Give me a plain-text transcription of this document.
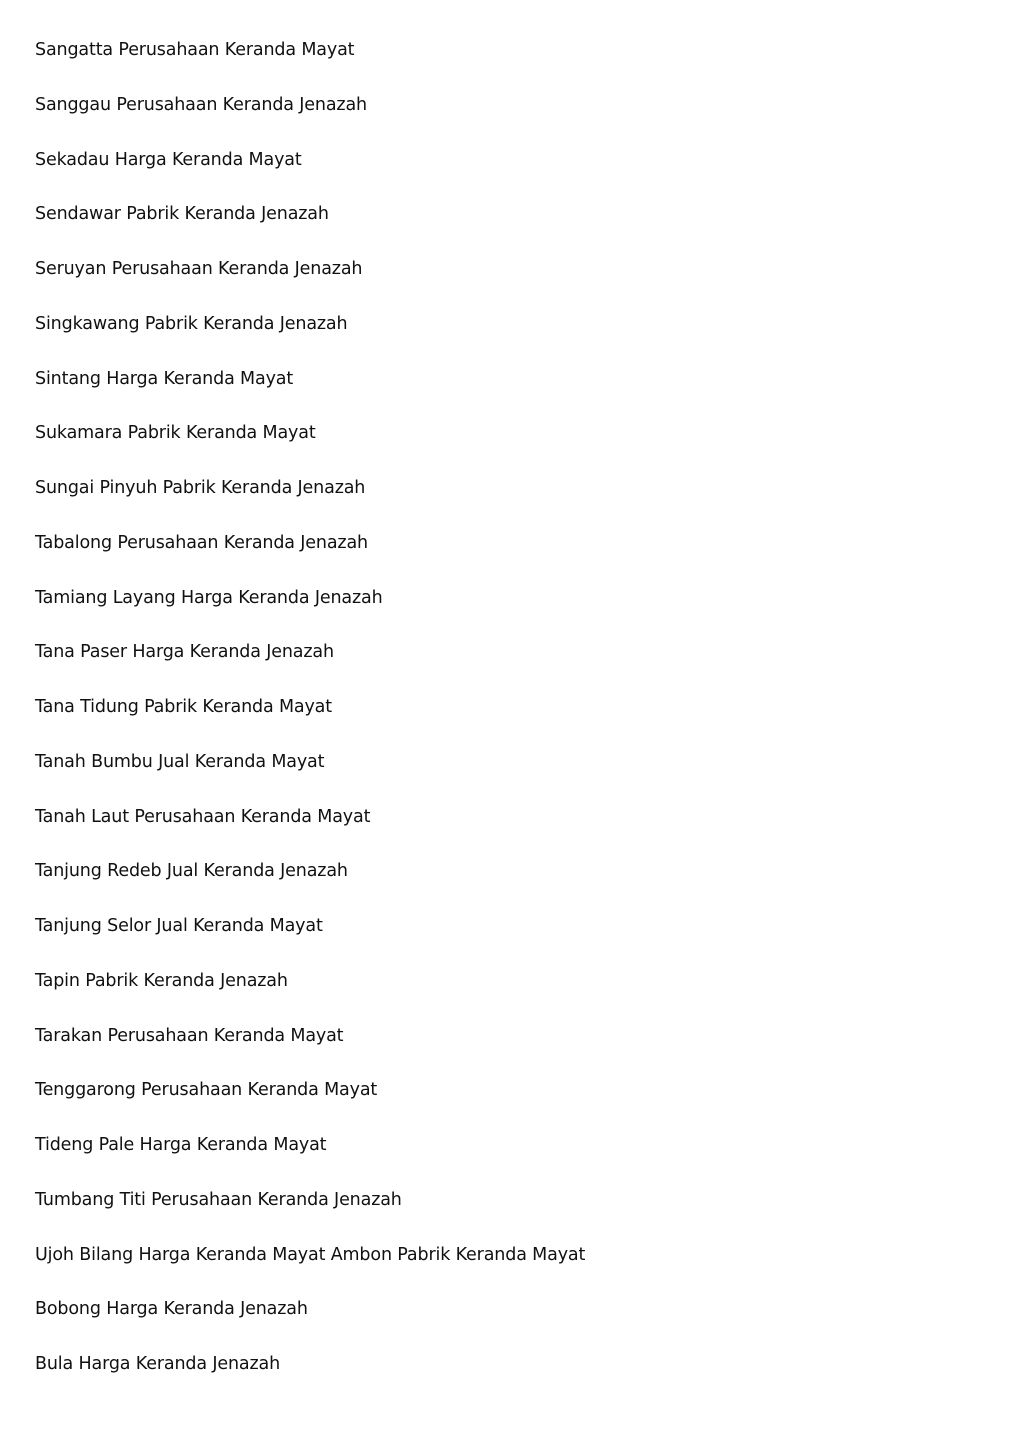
Sangatta Perusahaan Keranda Mayat
Sanggau Perusahaan Keranda Jenazah
Sekadau Harga Keranda Mayat
Sendawar Pabrik Keranda Jenazah
Seruyan Perusahaan Keranda Jenazah
Singkawang Pabrik Keranda Jenazah
Sintang Harga Keranda Mayat
Sukamara Pabrik Keranda Mayat
Sungai Pinyuh Pabrik Keranda Jenazah
Tabalong Perusahaan Keranda Jenazah
Tamiang Layang Harga Keranda Jenazah
Tana Paser Harga Keranda Jenazah
Tana Tidung Pabrik Keranda Mayat
Tanah Bumbu Jual Keranda Mayat
Tanah Laut Perusahaan Keranda Mayat
Tanjung Redeb Jual Keranda Jenazah
Tanjung Selor Jual Keranda Mayat
Tapin Pabrik Keranda Jenazah
Tarakan Perusahaan Keranda Mayat
Tenggarong Perusahaan Keranda Mayat
Tideng Pale Harga Keranda Mayat
Tumbang Titi Perusahaan Keranda Jenazah
Ujoh Bilang Harga Keranda Mayat Ambon Pabrik Keranda Mayat
Bobong Harga Keranda Jenazah
Bula Harga Keranda Jenazah
